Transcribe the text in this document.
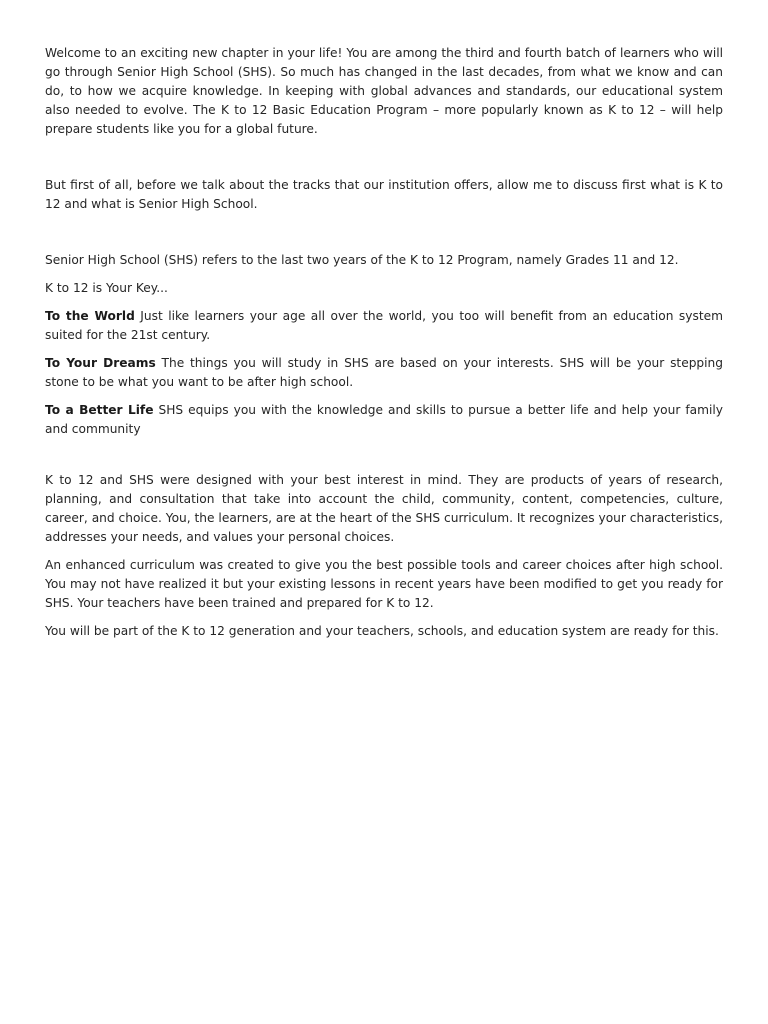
Welcome to an exciting new chapter in your life! You are among the third and fourth batch of learners who will go through Senior High School (SHS). So much has changed in the last decades, from what we know and can do, to how we acquire knowledge. In keeping with global advances and standards, our educational system also needed to evolve. The K to 12 Basic Education Program – more popularly known as K to 12 – will help prepare students like you for a global future.

But first of all, before we talk about the tracks that our institution offers, allow me to discuss first what is K to 12 and what is Senior High School.

Senior High School (SHS) refers to the last two years of the K to 12 Program, namely Grades 11 and 12.

K to 12 is Your Key...

To the World Just like learners your age all over the world, you too will benefit from an education system suited for the 21st century.

To Your Dreams The things you will study in SHS are based on your interests. SHS will be your stepping stone to be what you want to be after high school.

To a Better Life SHS equips you with the knowledge and skills to pursue a better life and help your family and community

K to 12 and SHS were designed with your best interest in mind. They are products of years of research, planning, and consultation that take into account the child, community, content, competencies, culture, career, and choice. You, the learners, are at the heart of the SHS curriculum. It recognizes your characteristics, addresses your needs, and values your personal choices.

An enhanced curriculum was created to give you the best possible tools and career choices after high school. You may not have realized it but your existing lessons in recent years have been modified to get you ready for SHS. Your teachers have been trained and prepared for K to 12.

You will be part of the K to 12 generation and your teachers, schools, and education system are ready for this.
